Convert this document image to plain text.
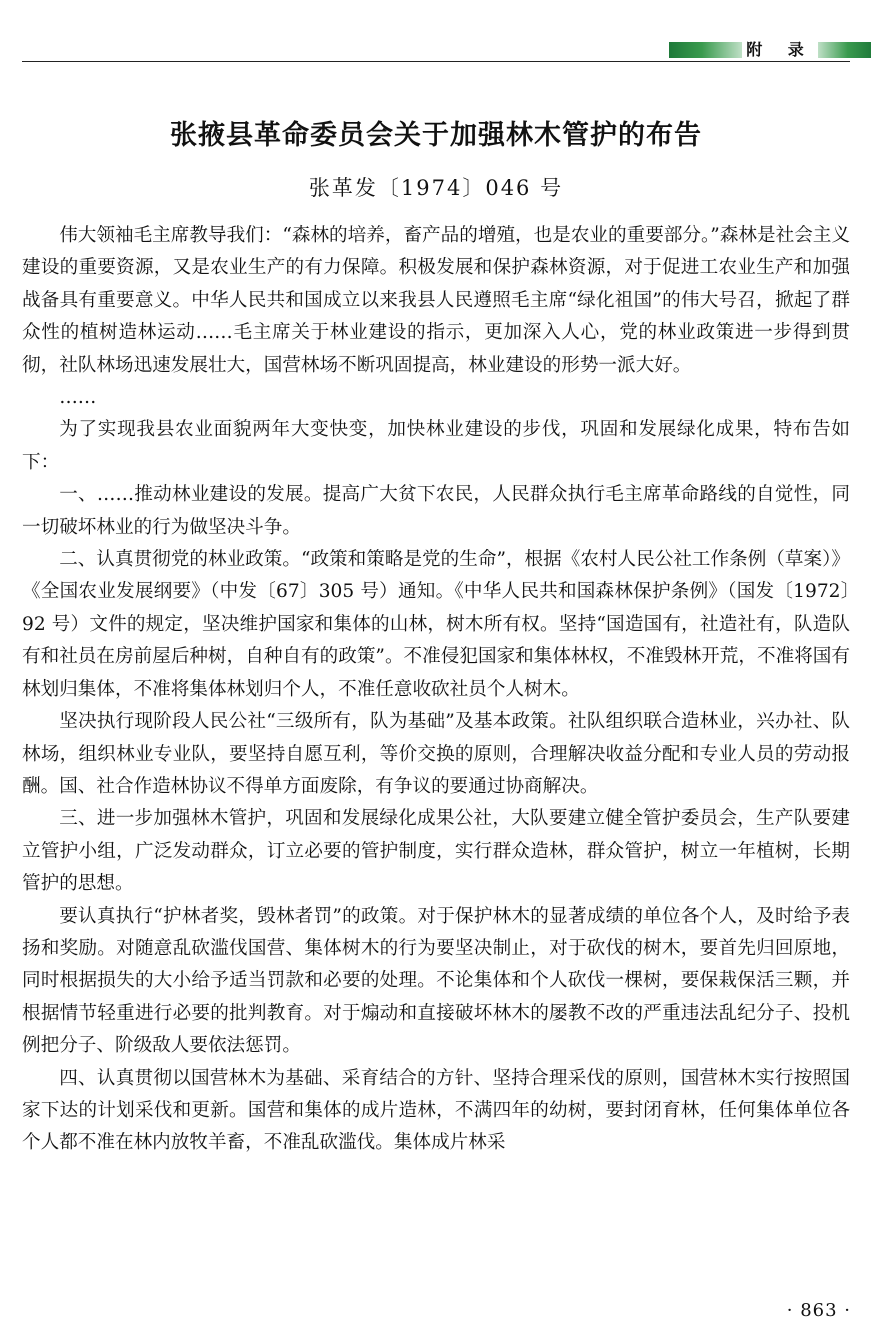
附 录
张掖县革命委员会关于加强林木管护的布告
张革发〔1974〕046 号

伟大领袖毛主席教导我们：“森林的培养，畜产品的增殖，也是农业的重要部分。”森林是社会主义建设的重要资源，又是农业生产的有力保障。积极发展和保护森林资源，对于促进工农业生产和加强战备具有重要意义。中华人民共和国成立以来我县人民遵照毛主席“绿化祖国”的伟大号召，掀起了群众性的植树造林运动……毛主席关于林业建设的指示，更加深入人心，党的林业政策进一步得到贯彻，社队林场迅速发展壮大，国营林场不断巩固提高，林业建设的形势一派大好。

……

为了实现我县农业面貌两年大变快变，加快林业建设的步伐，巩固和发展绿化成果，特布告如下：

一、……推动林业建设的发展。提高广大贫下农民，人民群众执行毛主席革命路线的自觉性，同一切破坏林业的行为做坚决斗争。

二、认真贯彻党的林业政策。“政策和策略是党的生命”，根据《农村人民公社工作条例（草案）》《全国农业发展纲要》（中发〔67〕305 号）通知。《中华人民共和国森林保护条例》（国发〔1972〕92 号）文件的规定，坚决维护国家和集体的山林，树木所有权。坚持“国造国有，社造社有，队造队有和社员在房前屋后种树，自种自有的政策”。不准侵犯国家和集体林权，不准毁林开荒，不准将国有林划归集体，不准将集体林划归个人，不准任意收砍社员个人树木。

坚决执行现阶段人民公社“三级所有，队为基础”及基本政策。社队组织联合造林业，兴办社、队林场，组织林业专业队，要坚持自愿互利，等价交换的原则，合理解决收益分配和专业人员的劳动报酬。国、社合作造林协议不得单方面废除，有争议的要通过协商解决。

三、进一步加强林木管护，巩固和发展绿化成果公社，大队要建立健全管护委员会，生产队要建立管护小组，广泛发动群众，订立必要的管护制度，实行群众造林，群众管护，树立一年植树，长期管护的思想。

要认真执行“护林者奖，毁林者罚”的政策。对于保护林木的显著成绩的单位各个人，及时给予表扬和奖励。对随意乱砍滥伐国营、集体树木的行为要坚决制止，对于砍伐的树木，要首先归回原地，同时根据损失的大小给予适当罚款和必要的处理。不论集体和个人砍伐一棵树，要保栽保活三颗，并根据情节轻重进行必要的批判教育。对于煽动和直接破坏林木的屡教不改的严重违法乱纪分子、投机例把分子、阶级敌人要依法惩罚。

四、认真贯彻以国营林木为基础、采育结合的方针、坚持合理采伐的原则，国营林木实行按照国家下达的计划采伐和更新。国营和集体的成片造林，不满四年的幼树，要封闭育林，任何集体单位各个人都不准在林内放牧羊畜，不准乱砍滥伐。集体成片林采

· 863 ·
